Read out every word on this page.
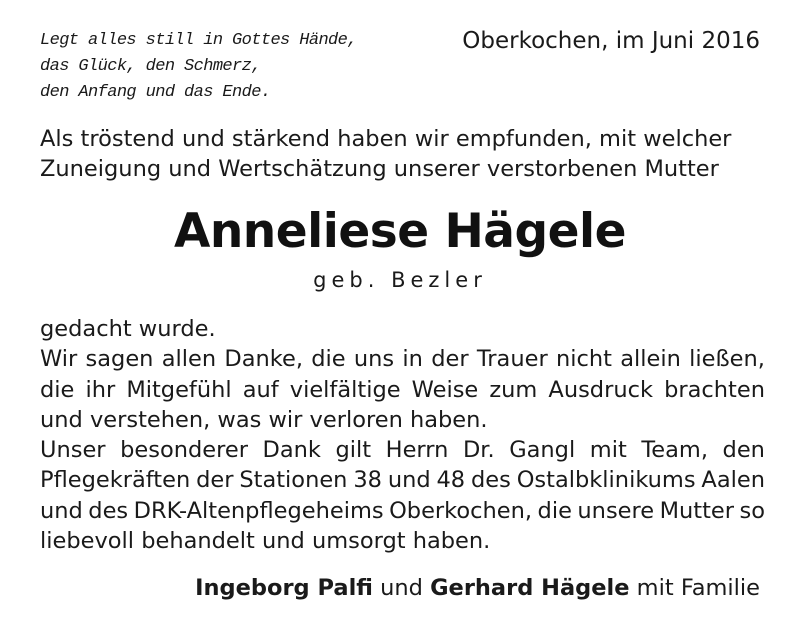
Legt alles still in Gottes Hände,
das Glück, den Schmerz,
den Anfang und das Ende.
Oberkochen, im Juni 2016
Als tröstend und stärkend haben wir empfunden, mit welcher
Zuneigung und Wertschätzung unserer verstorbenen Mutter
Anneliese Hägele
geb. Bezler
gedacht wurde.
Wir sagen allen Danke, die uns in der Trauer nicht allein ließen,
die ihr Mitgefühl auf vielfältige Weise zum Ausdruck brachten
und verstehen, was wir verloren haben.
Unser besonderer Dank gilt Herrn Dr. Gangl mit Team, den
Pflegekräften der Stationen 38 und 48 des Ostalbklinikums Aalen
und des DRK-Altenpflegeheims Oberkochen, die unsere Mutter so
liebevoll behandelt und umsorgt haben.
Ingeborg Palfi und Gerhard Hägele mit Familie
